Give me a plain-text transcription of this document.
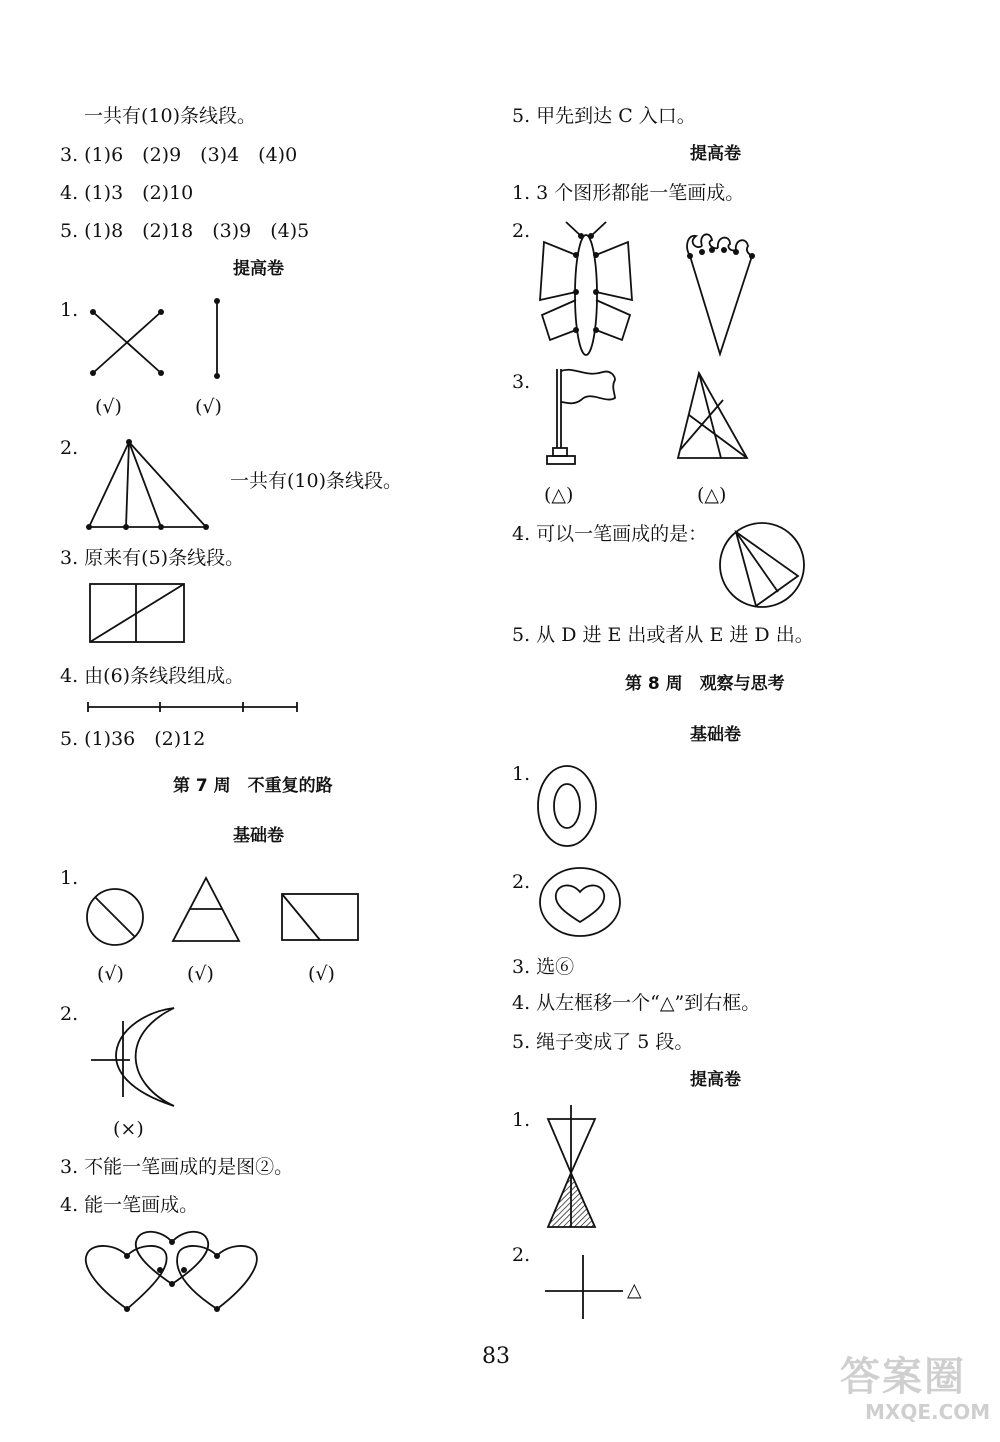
一共有(10)条线段。
3. (1)6　(2)9　(3)4　(4)0
4. (1)3　(2)10
5. (1)8　(2)18　(3)9　(4)5
提高卷
1.
(√)	(√)
2.
一共有(10)条线段。
3. 原来有(5)条线段。
4. 由(6)条线段组成。
5. (1)36　(2)12
第 7 周　不重复的路
基础卷
1.
(√)	(√)	(√)
2.
(×)
3. 不能一笔画成的是图②。
4. 能一笔画成。
5. 甲先到达 C 入口。
提高卷
1. 3 个图形都能一笔画成。
2.
3.
(△)	(△)
4. 可以一笔画成的是：
5. 从 D 进 E 出或者从 E 进 D 出。
第 8 周　观察与思考
基础卷
1.
2.
3. 选⑥
4. 从左框移一个“△”到右框。
5. 绳子变成了 5 段。
提高卷
1.
2.
△
83	答案圈
MXQE.COM
